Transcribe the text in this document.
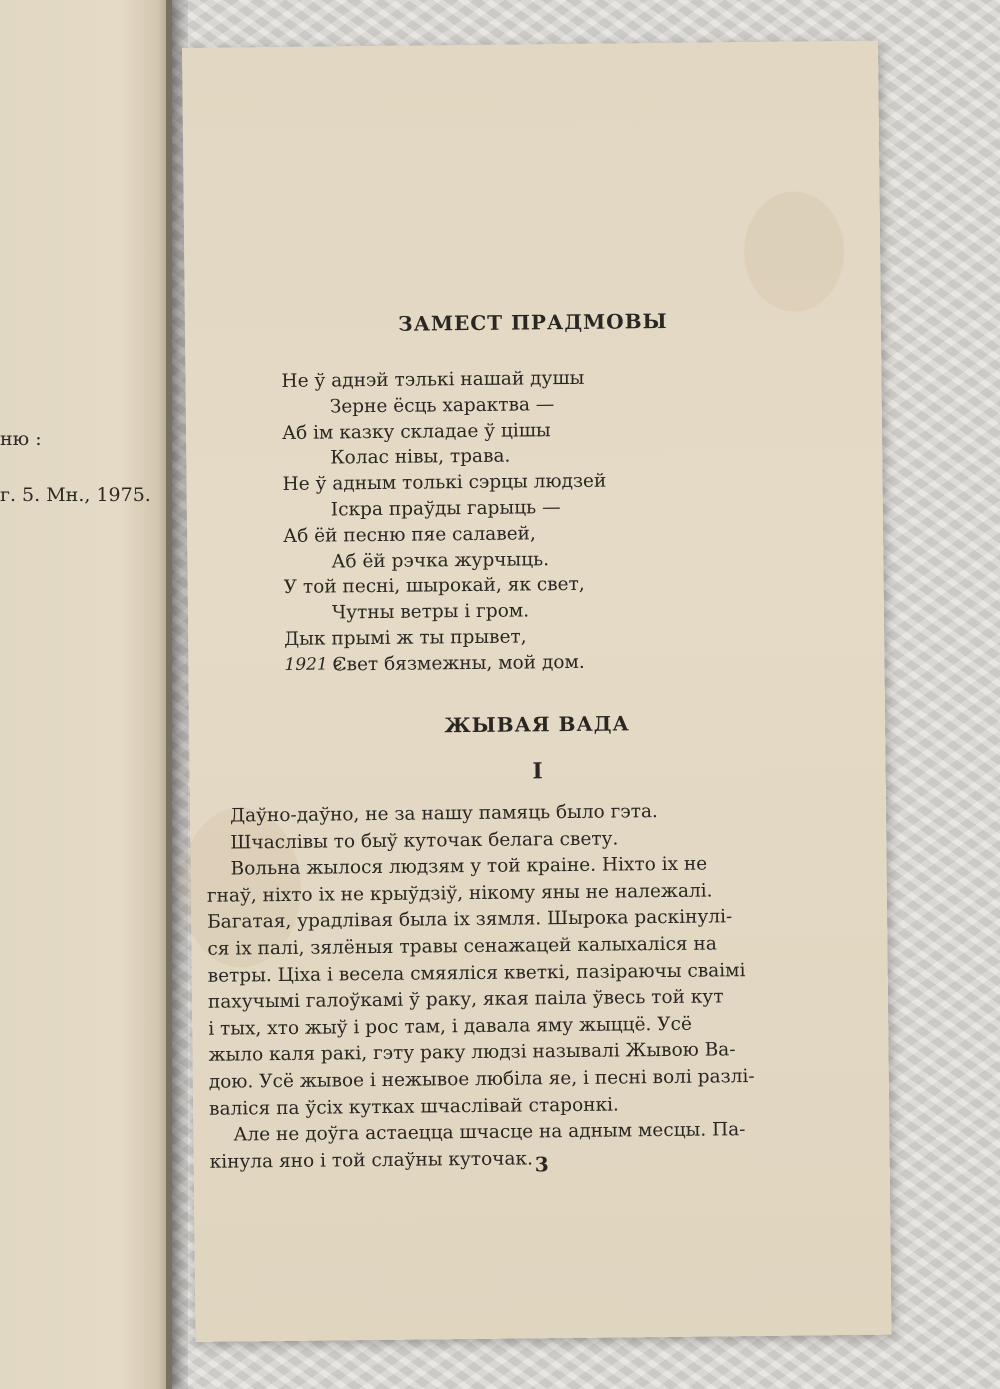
ню :
г. 5. Мн., 1975.
ЗАМЕСТ ПРАДМОВЫ
Не ў аднэй тэлькі нашай душы
Зерне ёсць характва —
Аб ім казку складае ў цішы
Колас нівы, трава.
Не ў адным толькі сэрцы людзей
Іскра праўды гарыць —
Аб ёй песню пяе салавей,
Аб ёй рэчка журчыць.
У той песні, шырокай, як свет,
Чутны ветры і гром.
Дык прымі ж ты прывет,
Свет бязмежны, мой дом.
1921 г.
ЖЫВАЯ ВАДА
I
Даўно-даўно, не за нашу памяць было гэта.
Шчаслівы то быў куточак белага свету.
Вольна жылося людзям у той краіне. Ніхто іх не
гнаў, ніхто іх не крыўдзіў, нікому яны не належалі.
Багатая, урадлівая была іх зямля. Шырока раскінулі-
ся іх палі, зялёныя травы сенажацей калыхаліся на
ветры. Ціха і весела смяяліся кветкі, пазіраючы сваімі
пахучымі галоўкамі ў раку, якая паіла ўвесь той кут
і тых, хто жыў і рос там, і давала яму жыццё. Усё
жыло каля ракі, гэту раку людзі называлі Жывою Ва-
дою. Усё жывое і нежывое любіла яе, і песні волі разлі-
валіся па ўсіх кутках шчаслівай старонкі.
Але не доўга астаецца шчасце на адным месцы. Па-
кінула яно і той слаўны куточак. 3
